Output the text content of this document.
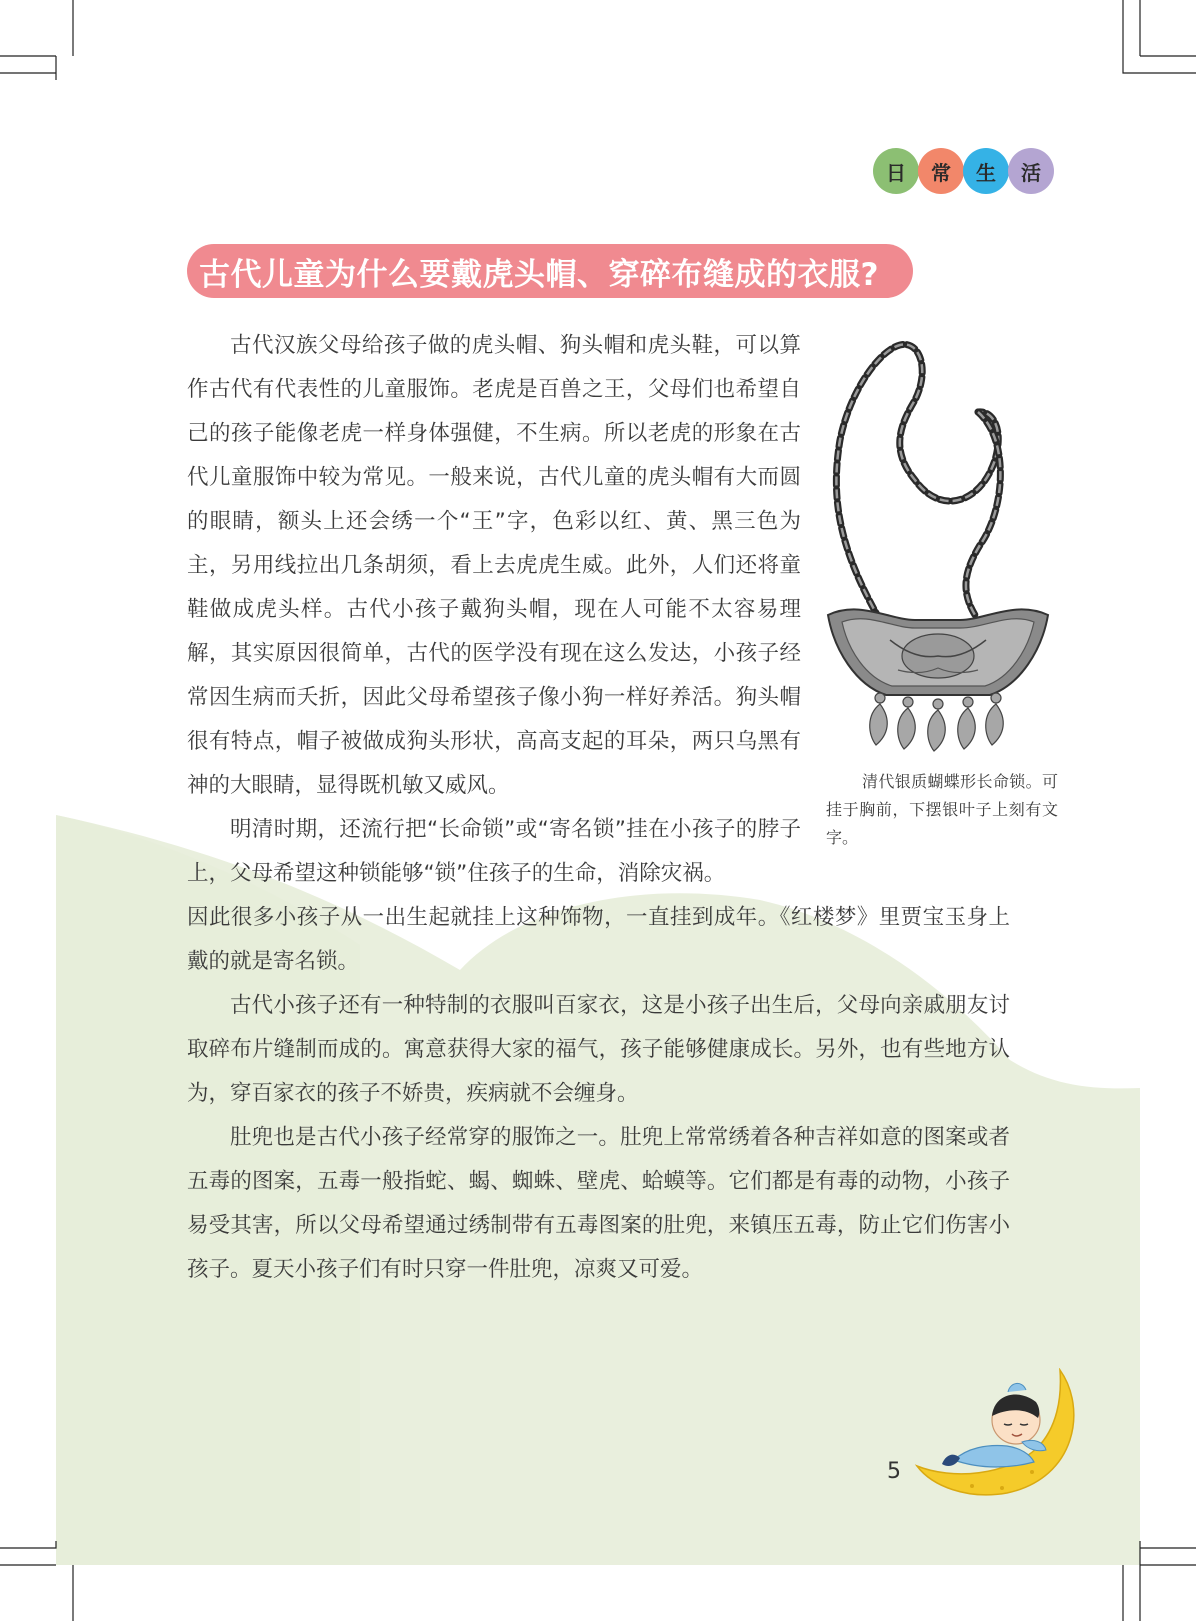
日	常	生	活
古代儿童为什么要戴虎头帽、穿碎布缝成的衣服?

古代汉族父母给孩子做的虎头帽、狗头帽和虎头鞋，可以算作古代有代表性的儿童服饰。老虎是百兽之王，父母们也希望自己的孩子能像老虎一样身体强健，不生病。所以老虎的形象在古代儿童服饰中较为常见。一般来说，古代儿童的虎头帽有大而圆的眼睛，额头上还会绣一个“王”字，色彩以红、黄、黑三色为主，另用线拉出几条胡须，看上去虎虎生威。此外，人们还将童鞋做成虎头样。古代小孩子戴狗头帽，现在人可能不太容易理解，其实原因很简单，古代的医学没有现在这么发达，小孩子经常因生病而夭折，因此父母希望孩子像小狗一样好养活。狗头帽很有特点，帽子被做成狗头形状，高高支起的耳朵，两只乌黑有神的大眼睛，显得既机敏又威风。

明清时期，还流行把“长命锁”或“寄名锁”挂在小孩子的脖子上，父母希望这种锁能够“锁”住孩子的生命，消除灾祸。

因此很多小孩子从一出生起就挂上这种饰物，一直挂到成年。《红楼梦》里贾宝玉身上戴的就是寄名锁。

古代小孩子还有一种特制的衣服叫百家衣，这是小孩子出生后，父母向亲戚朋友讨取碎布片缝制而成的。寓意获得大家的福气，孩子能够健康成长。另外，也有些地方认为，穿百家衣的孩子不娇贵，疾病就不会缠身。

肚兜也是古代小孩子经常穿的服饰之一。肚兜上常常绣着各种吉祥如意的图案或者五毒的图案，五毒一般指蛇、蝎、蜘蛛、壁虎、蛤蟆等。它们都是有毒的动物，小孩子易受其害，所以父母希望通过绣制带有五毒图案的肚兜，来镇压五毒，防止它们伤害小孩子。夏天小孩子们有时只穿一件肚兜，凉爽又可爱。

清代银质蝴蝶形长命锁。可挂于胸前，下摆银叶子上刻有文字。
5
